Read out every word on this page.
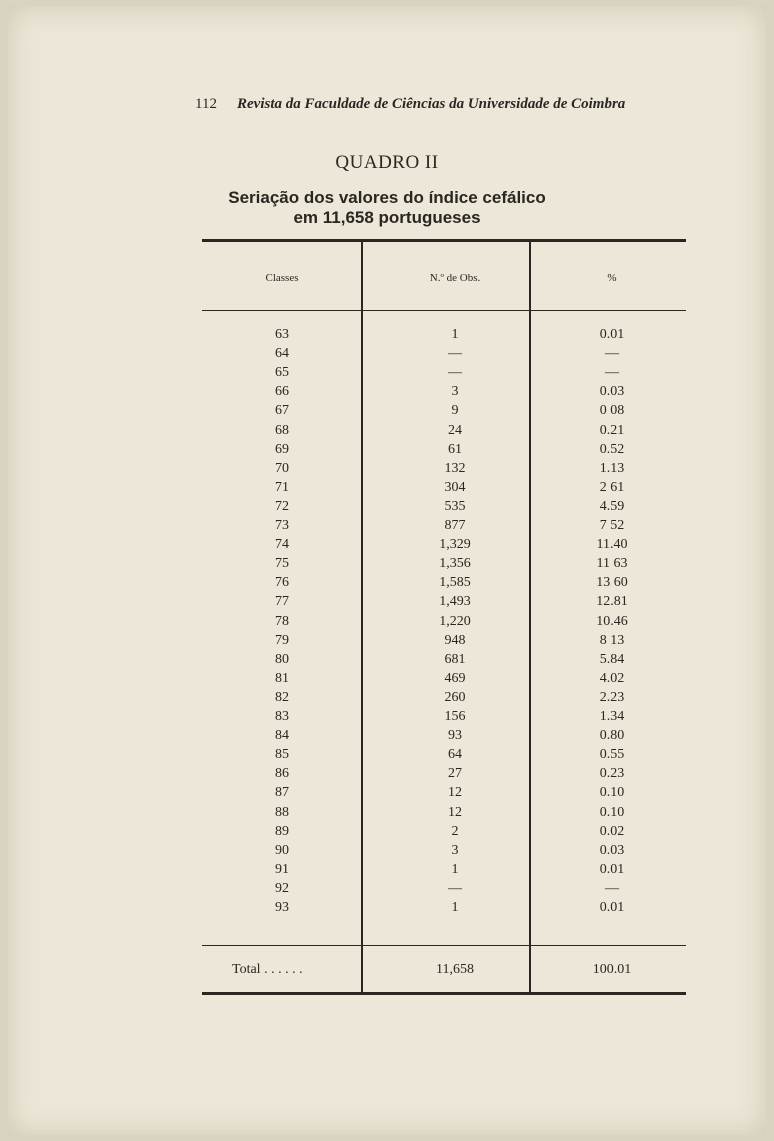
112 Revista da Faculdade de Ciências da Universidade de Coimbra
QUADRO II
Seriação dos valores do índice cefálico
em 11,658 portugueses
Classes	N.º de Obs.	%
63	1	0.01
64	—	—
65	—	—
66	3	0.03
67	9	0 08
68	24	0.21
69	61	0.52
70	132	1.13
71	304	2 61
72	535	4.59
73	877	7 52
74	1,329	11.40
75	1,356	11 63
76	1,585	13 60
77	1,493	12.81
78	1,220	10.46
79	948	8 13
80	681	5.84
81	469	4.02
82	260	2.23
83	156	1.34
84	93	0.80
85	64	0.55
86	27	0.23
87	12	0.10
88	12	0.10
89	2	0.02
90	3	0.03
91	1	0.01
92	—	—
93	1	0.01
Total . . . . . .	11,658	100.01
